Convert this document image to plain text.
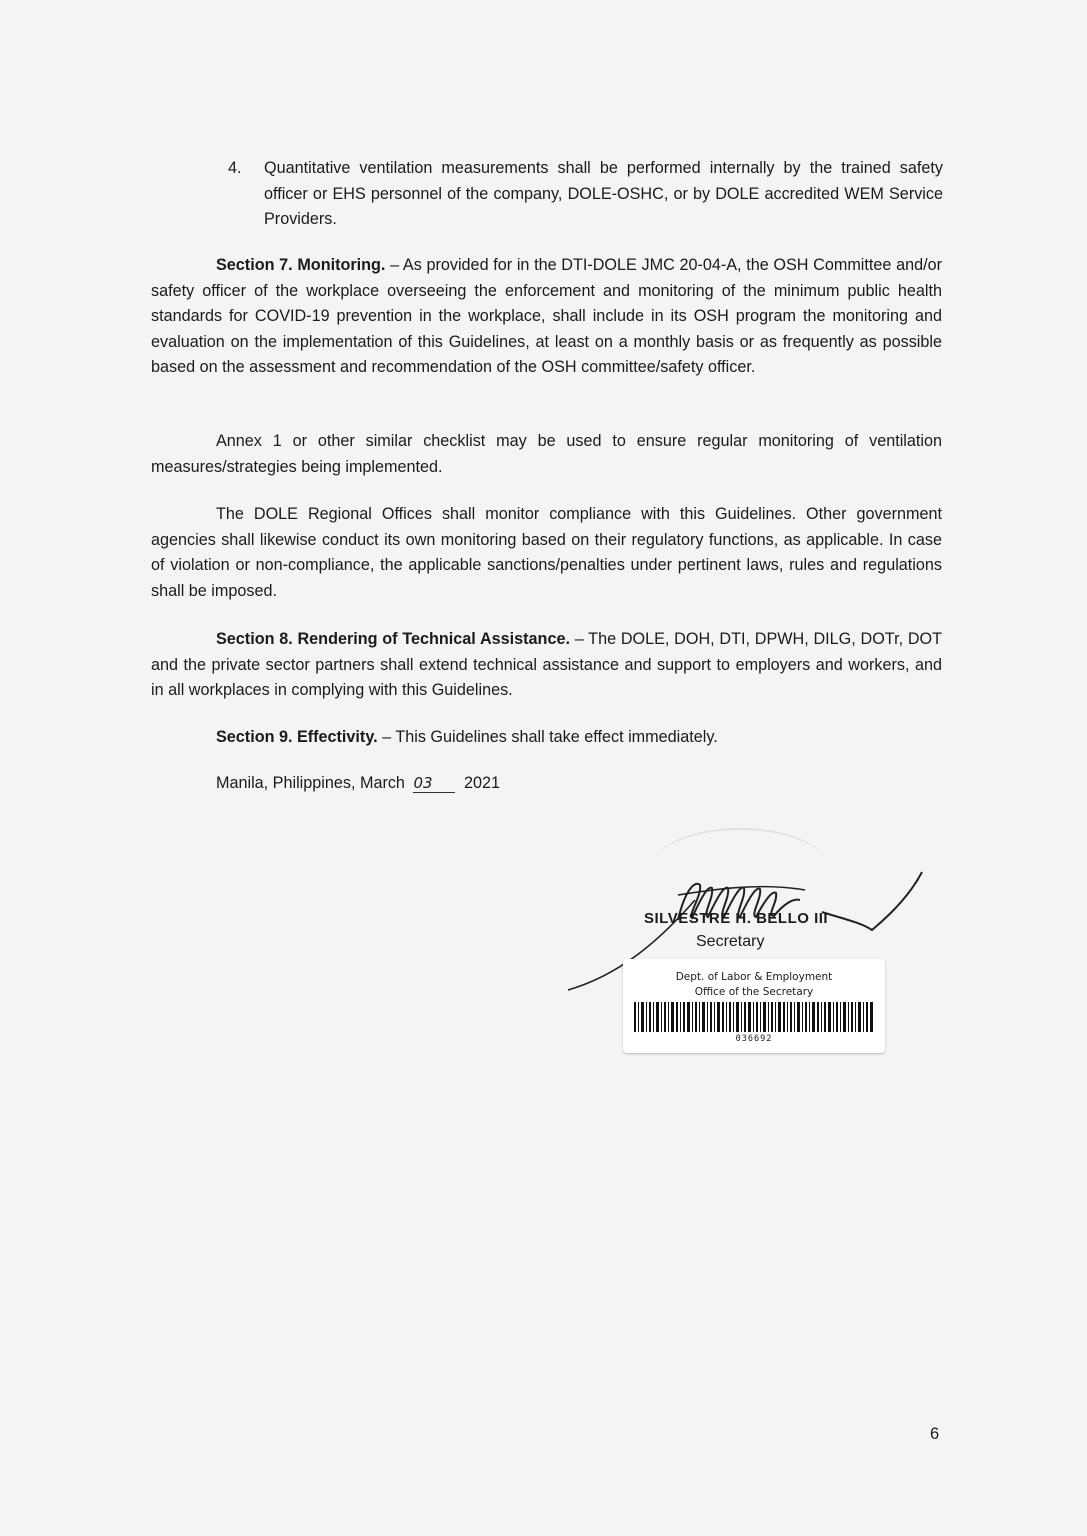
4. Quantitative ventilation measurements shall be performed internally by the trained safety officer or EHS personnel of the company, DOLE-OSHC, or by DOLE accredited WEM Service Providers.

Section 7. Monitoring. – As provided for in the DTI-DOLE JMC 20-04-A, the OSH Committee and/or safety officer of the workplace overseeing the enforcement and monitoring of the minimum public health standards for COVID-19 prevention in the workplace, shall include in its OSH program the monitoring and evaluation on the implementation of this Guidelines, at least on a monthly basis or as frequently as possible based on the assessment and recommendation of the OSH committee/safety officer.

Annex 1 or other similar checklist may be used to ensure regular monitoring of ventilation measures/strategies being implemented.

The DOLE Regional Offices shall monitor compliance with this Guidelines. Other government agencies shall likewise conduct its own monitoring based on their regulatory functions, as applicable. In case of violation or non-compliance, the applicable sanctions/penalties under pertinent laws, rules and regulations shall be imposed.

Section 8. Rendering of Technical Assistance. – The DOLE, DOH, DTI, DPWH, DILG, DOTr, DOT and the private sector partners shall extend technical assistance and support to employers and workers, and in all workplaces in complying with this Guidelines.

Section 9. Effectivity. – This Guidelines shall take effect immediately.

Manila, Philippines, March 03 2021
SILVESTRE H. BELLO III
Secretary
Dept. of Labor & Employment
Office of the Secretary
036692
6
